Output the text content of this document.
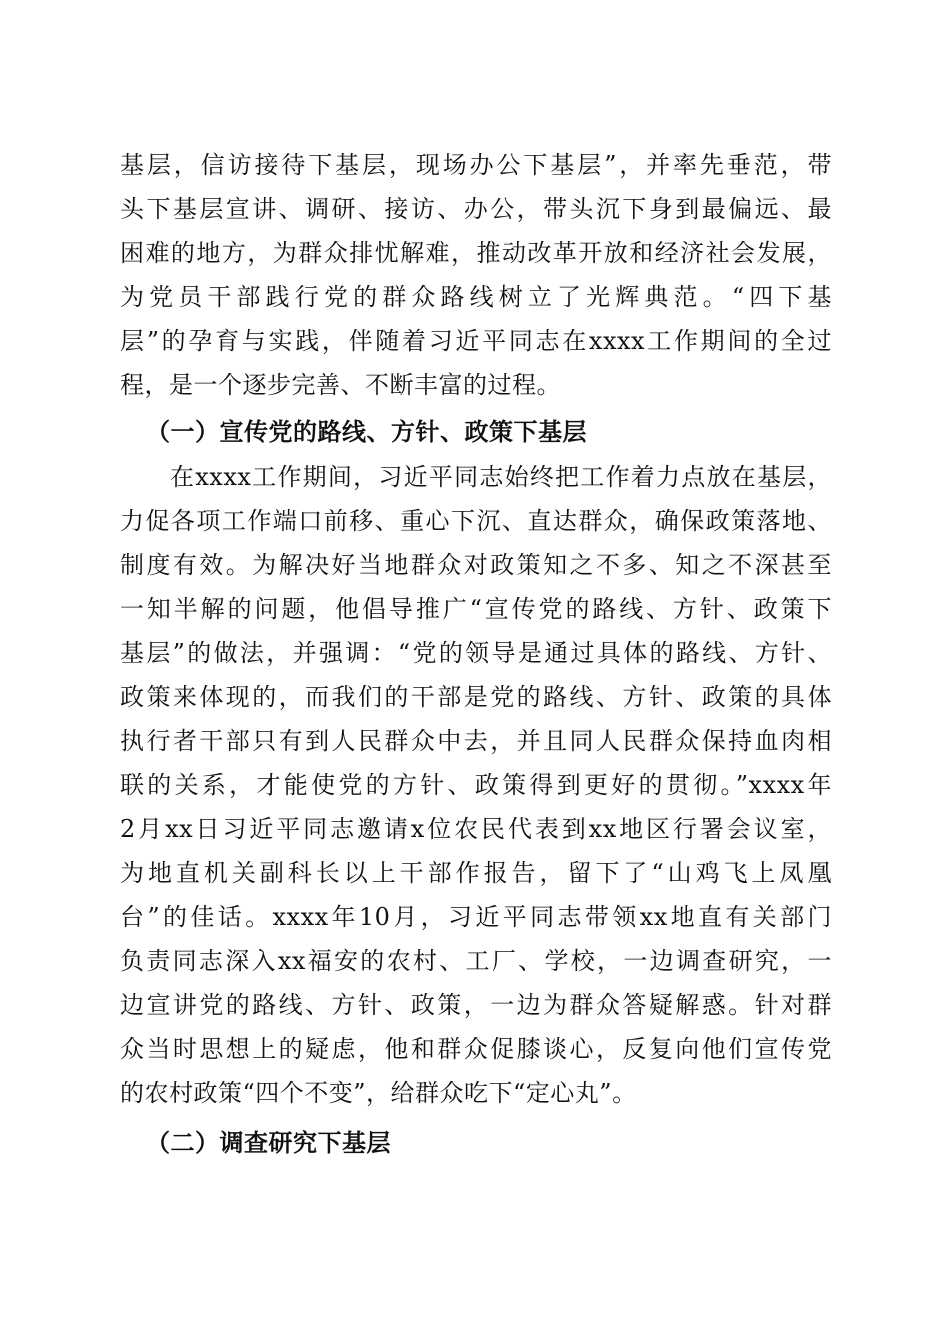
基层，信访接待下基层，现场办公下基层”，并率先垂范，带
头下基层宣讲、调研、接访、办公，带头沉下身到最偏远、最
困难的地方，为群众排忧解难，推动改革开放和经济社会发展，
为党员干部践行党的群众路线树立了光辉典范。“四下基
层”的孕育与实践，伴随着习近平同志在xxxx工作期间的全过
程，是一个逐步完善、不断丰富的过程。
（一）宣传党的路线、方针、政策下基层
在xxxx工作期间，习近平同志始终把工作着力点放在基层，
力促各项工作端口前移、重心下沉、直达群众，确保政策落地、
制度有效。为解决好当地群众对政策知之不多、知之不深甚至
一知半解的问题，他倡导推广“宣传党的路线、方针、政策下
基层”的做法，并强调：“党的领导是通过具体的路线、方针、
政策来体现的，而我们的干部是党的路线、方针、政策的具体
执行者干部只有到人民群众中去，并且同人民群众保持血肉相
联的关系，才能使党的方针、政策得到更好的贯彻。”xxxx年
2月xx日习近平同志邀请x位农民代表到xx地区行署会议室，
为地直机关副科长以上干部作报告，留下了“山鸡飞上凤凰
台”的佳话。xxxx年10月，习近平同志带领xx地直有关部门
负责同志深入xx福安的农村、工厂、学校，一边调查研究，一
边宣讲党的路线、方针、政策，一边为群众答疑解惑。针对群
众当时思想上的疑虑，他和群众促膝谈心，反复向他们宣传党
的农村政策“四个不变”，给群众吃下“定心丸”。
（二）调查研究下基层
